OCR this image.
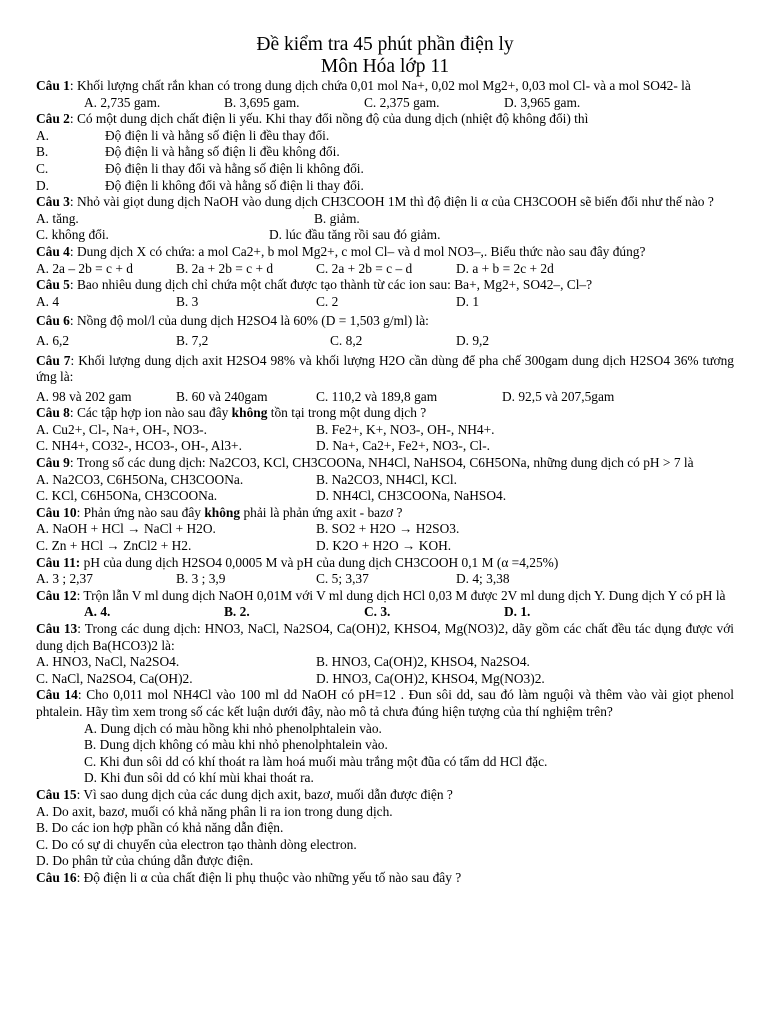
Đề kiểm tra 45 phút phần điện ly
Môn Hóa lớp 11
Câu 1: Khối lượng chất rắn khan có trong dung dịch chứa 0,01 mol Na+, 0,02 mol Mg2+, 0,03 mol Cl- và a mol SO42- là
A. 2,735 gam.	B. 3,695 gam.	C. 2,375 gam.	D. 3,965 gam.
Câu 2: Có một dung dịch chất điện li yếu. Khi thay đổi nồng độ của dung dịch (nhiệt độ không đổi) thì
A.	Độ điện li và hằng số điện li đều thay đổi.
B.	Độ điện li và hằng số điện li đều không đổi.
C.	Độ điện li thay đổi và hằng số điện li không đổi.
D.	Độ điện li không đổi và hằng số điện li thay đổi.
Câu 3: Nhỏ vài giọt dung dịch NaOH vào dung dịch CH3COOH 1M thì độ điện li α của CH3COOH sẽ biến đổi như thế nào ?
A. tăng.	B. giảm.
C. không đổi.	D. lúc đầu tăng rồi sau đó giảm.
Câu 4: Dung dịch X có chứa: a mol Ca2+, b mol Mg2+, c mol Cl– và d mol NO3–,. Biểu thức nào sau đây đúng?
A. 2a – 2b = c + d	B. 2a + 2b = c + d	C. 2a + 2b = c – d	D. a + b = 2c + 2d
Câu 5: Bao nhiêu dung dịch chỉ chứa một chất được tạo thành từ các ion sau: Ba+, Mg2+, SO42–, Cl–?
A. 4	B. 3	C. 2	D. 1
Câu 6: Nồng độ mol/l của dung dịch H2SO4 là 60% (D = 1,503 g/ml) là:
A. 6,2	B. 7,2	C. 8,2	D. 9,2
Câu 7: Khối lượng dung dịch axit H2SO4 98% và khối lượng H2O cần dùng để pha chế 300gam dung dịch H2SO4 36% tương ứng là:
A. 98 và 202 gam	B. 60 và 240gam	C. 110,2 và 189,8 gam	D. 92,5 và 207,5gam
Câu 8: Các tập hợp ion nào sau đây không tồn tại trong một dung dịch ?
A. Cu2+, Cl-, Na+, OH-, NO3-.	B. Fe2+, K+, NO3-, OH-, NH4+.
C. NH4+, CO32-, HCO3-, OH-, Al3+.	D. Na+, Ca2+, Fe2+, NO3-, Cl-.
Câu 9: Trong số các dung dịch: Na2CO3, KCl, CH3COONa, NH4Cl, NaHSO4, C6H5ONa, những dung dịch có pH > 7 là
A. Na2CO3, C6H5ONa, CH3COONa.	B. Na2CO3, NH4Cl, KCl.
C. KCl, C6H5ONa, CH3COONa.	D. NH4Cl, CH3COONa, NaHSO4.
Câu 10: Phản ứng nào sau đây không phải là phản ứng axit - bazơ ?
A. NaOH + HCl → NaCl + H2O.	B. SO2 + H2O → H2SO3.
C. Zn + HCl → ZnCl2 + H2.	D. K2O + H2O → KOH.
Câu 11: pH của dung dịch H2SO4 0,0005 M và pH của dung dịch CH3COOH 0,1 M (α =4,25%)
A. 3 ; 2,37	B. 3 ; 3,9	C. 5; 3,37	D. 4; 3,38
Câu 12: Trộn lẫn V ml dung dịch NaOH 0,01M với V ml dung dịch HCl 0,03 M được 2V ml dung dịch Y. Dung dịch Y có pH là
A. 4.	B. 2.	C. 3.	D. 1.
Câu 13: Trong các dung dịch: HNO3, NaCl, Na2SO4, Ca(OH)2, KHSO4, Mg(NO3)2, dãy gồm các chất đều tác dụng được với dung dịch Ba(HCO3)2 là:
A. HNO3, NaCl, Na2SO4.	B. HNO3, Ca(OH)2, KHSO4, Na2SO4.
C. NaCl, Na2SO4, Ca(OH)2.	D. HNO3, Ca(OH)2, KHSO4, Mg(NO3)2.
Câu 14: Cho 0,011 mol NH4Cl vào 100 ml dd NaOH có pH=12 . Đun sôi dd, sau đó làm nguội và thêm vào vài giọt phenol phtalein. Hãy tìm xem trong số các kết luận dưới đây, nào mô tả chưa đúng hiện tượng của thí nghiệm trên?
A. Dung dịch có màu hồng khi nhỏ phenolphtalein vào.
B. Dung dịch không có màu khi nhỏ phenolphtalein vào.
C. Khi đun sôi dd có khí thoát ra làm hoá muối màu trắng một đũa có tẩm dd HCl đặc.
D. Khi đun sôi dd có khí mùi khai thoát ra.
Câu 15: Vì sao dung dịch của các dung dịch axit, bazơ, muối dẫn được điện ?
A. Do axit, bazơ, muối có khả năng phân li ra ion trong dung dịch.
B. Do các ion hợp phần có khả năng dẫn điện.
C. Do có sự di chuyển của electron tạo thành dòng electron.
D. Do phân tử của chúng dẫn được điện.
Câu 16: Độ điện li α của chất điện li phụ thuộc vào những yếu tố nào sau đây ?
